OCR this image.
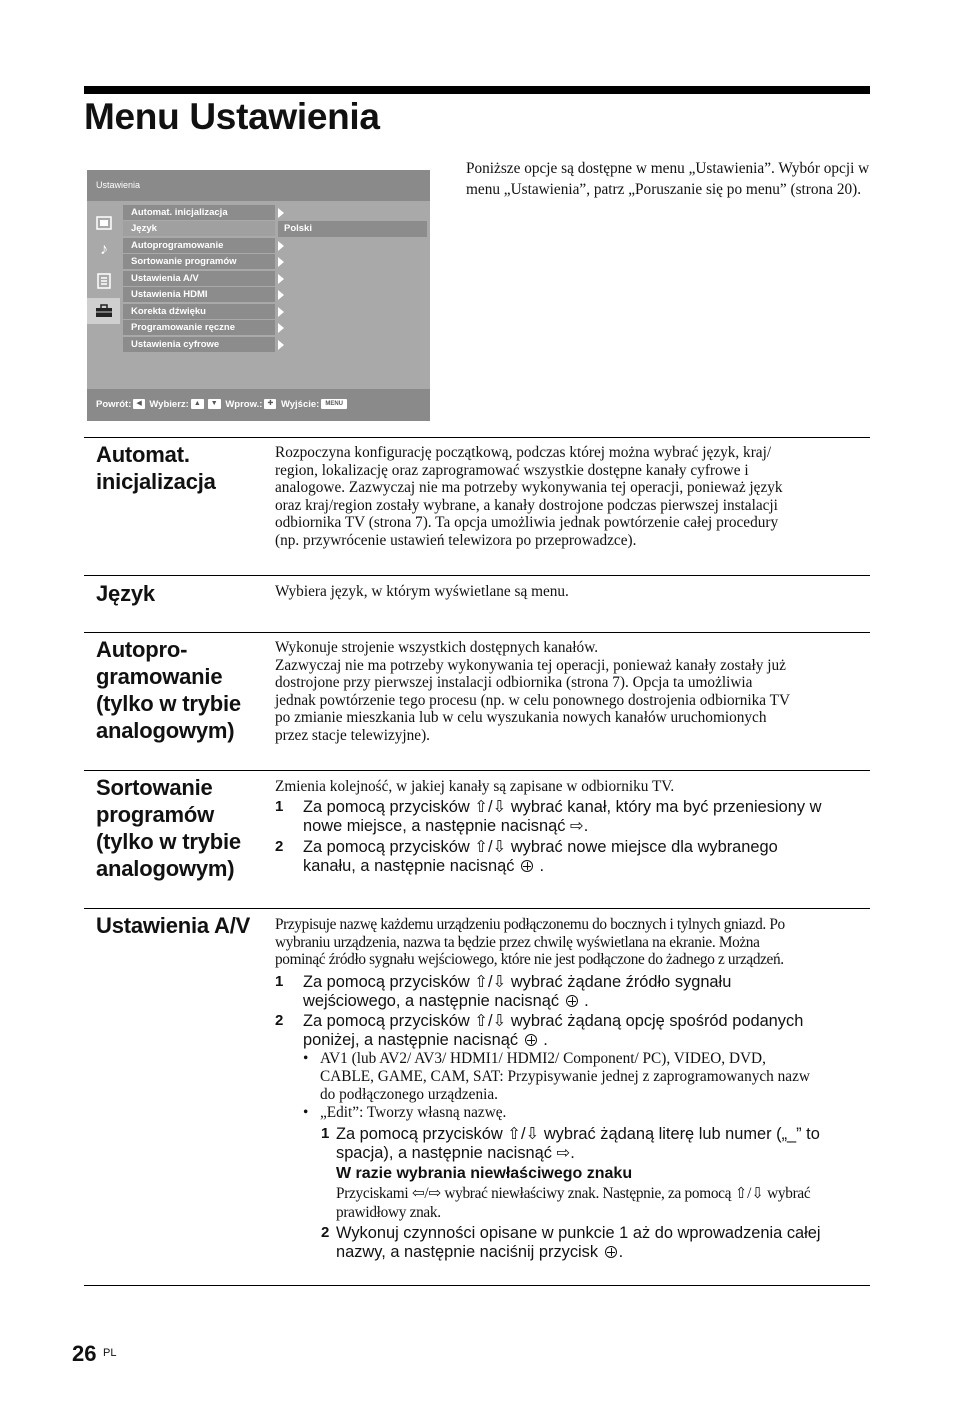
Menu Ustawienia
Ustawienia
♪
Automat. inicjalizacja
Język
Autoprogramowanie
Sortowanie programów
Ustawienia A/V
Ustawienia HDMI
Korekta dźwięku
Programowanie ręczne
Ustawienia cyfrowe
Polski
Powrót: ◀ Wybierz: ▲ ▼ Wprow.: ✚ Wyjście: MENU

Poniższe opcje są dostępne w menu „Ustawienia”. Wybór opcji w menu „Ustawienia”, patrz „Poruszanie się po menu” (strona 20).

Automat.
inicjalizacja

Rozpoczyna konfigurację początkową, podczas której można wybrać język, kraj/
region, lokalizację oraz zaprogramować wszystkie dostępne kanały cyfrowe i
analogowe. Zazwyczaj nie ma potrzeby wykonywania tej operacji, ponieważ język
oraz kraj/region zostały wybrane, a kanały dostrojone podczas pierwszej instalacji
odbiornika TV (strona 7). Ta opcja umożliwia jednak powtórzenie całej procedury
(np. przywrócenie ustawień telewizora po przeprowadzce).

Język	Wybiera język, w którym wyświetlane są menu.

Autopro-
gramowanie
(tylko w trybie
analogowym)

Wykonuje strojenie wszystkich dostępnych kanałów.
Zazwyczaj nie ma potrzeby wykonywania tej operacji, ponieważ kanały zostały już
dostrojone przy pierwszej instalacji odbiornika (strona 7). Opcja ta umożliwia
jednak powtórzenie tego procesu (np. w celu ponownego dostrojenia odbiornika TV
po zmianie mieszkania lub w celu wyszukania nowych kanałów uruchomionych
przez stacje telewizyjne).

Sortowanie
programów
(tylko w trybie
analogowym)

Zmienia kolejność, w jakiej kanały są zapisane w odbiorniku TV.

1	Za pomocą przycisków ⇧/⇩ wybrać kanał, który ma być przeniesiony w
nowe miejsce, a następnie nacisnąć ⇨.
2	Za pomocą przycisków ⇧/⇩ wybrać nowe miejsce dla wybranego
kanału, a następnie nacisnąć .
Ustawienia A/V	Przypisuje nazwę każdemu urządzeniu podłączonemu do bocznych i tylnych gniazd. Po
wybraniu urządzenia, nazwa ta będzie przez chwilę wyświetlana na ekranie. Można
pominąć źródło sygnału wejściowego, które nie jest podłączone do żadnego z urządzeń.

1	Za pomocą przycisków ⇧/⇩ wybrać żądane źródło sygnału
wejściowego, a następnie nacisnąć .
2	Za pomocą przycisków ⇧/⇩ wybrać żądaną opcję spośród podanych
poniżej, a następnie nacisnąć .
• AV1 (lub AV2/ AV3/ HDMI1/ HDMI2/ Component/ PC), VIDEO, DVD,
CABLE, GAME, CAM, SAT: Przypisywanie jednej z zaprogramowanych nazw
do podłączonego urządzenia.
• „Edit”: Tworzy własną nazwę.
1 Za pomocą przycisków ⇧/⇩ wybrać żądaną literę lub numer („_” to
spacja), a następnie nacisnąć ⇨.
W razie wybrania niewłaściwego znaku
Przyciskami ⇦/⇨ wybrać niewłaściwy znak. Następnie, za pomocą ⇧/⇩ wybrać
prawidłowy znak.
2 Wykonuj czynności opisane w punkcie 1 aż do wprowadzenia całej
nazwy, a następnie naciśnij przycisk .
26 PL
